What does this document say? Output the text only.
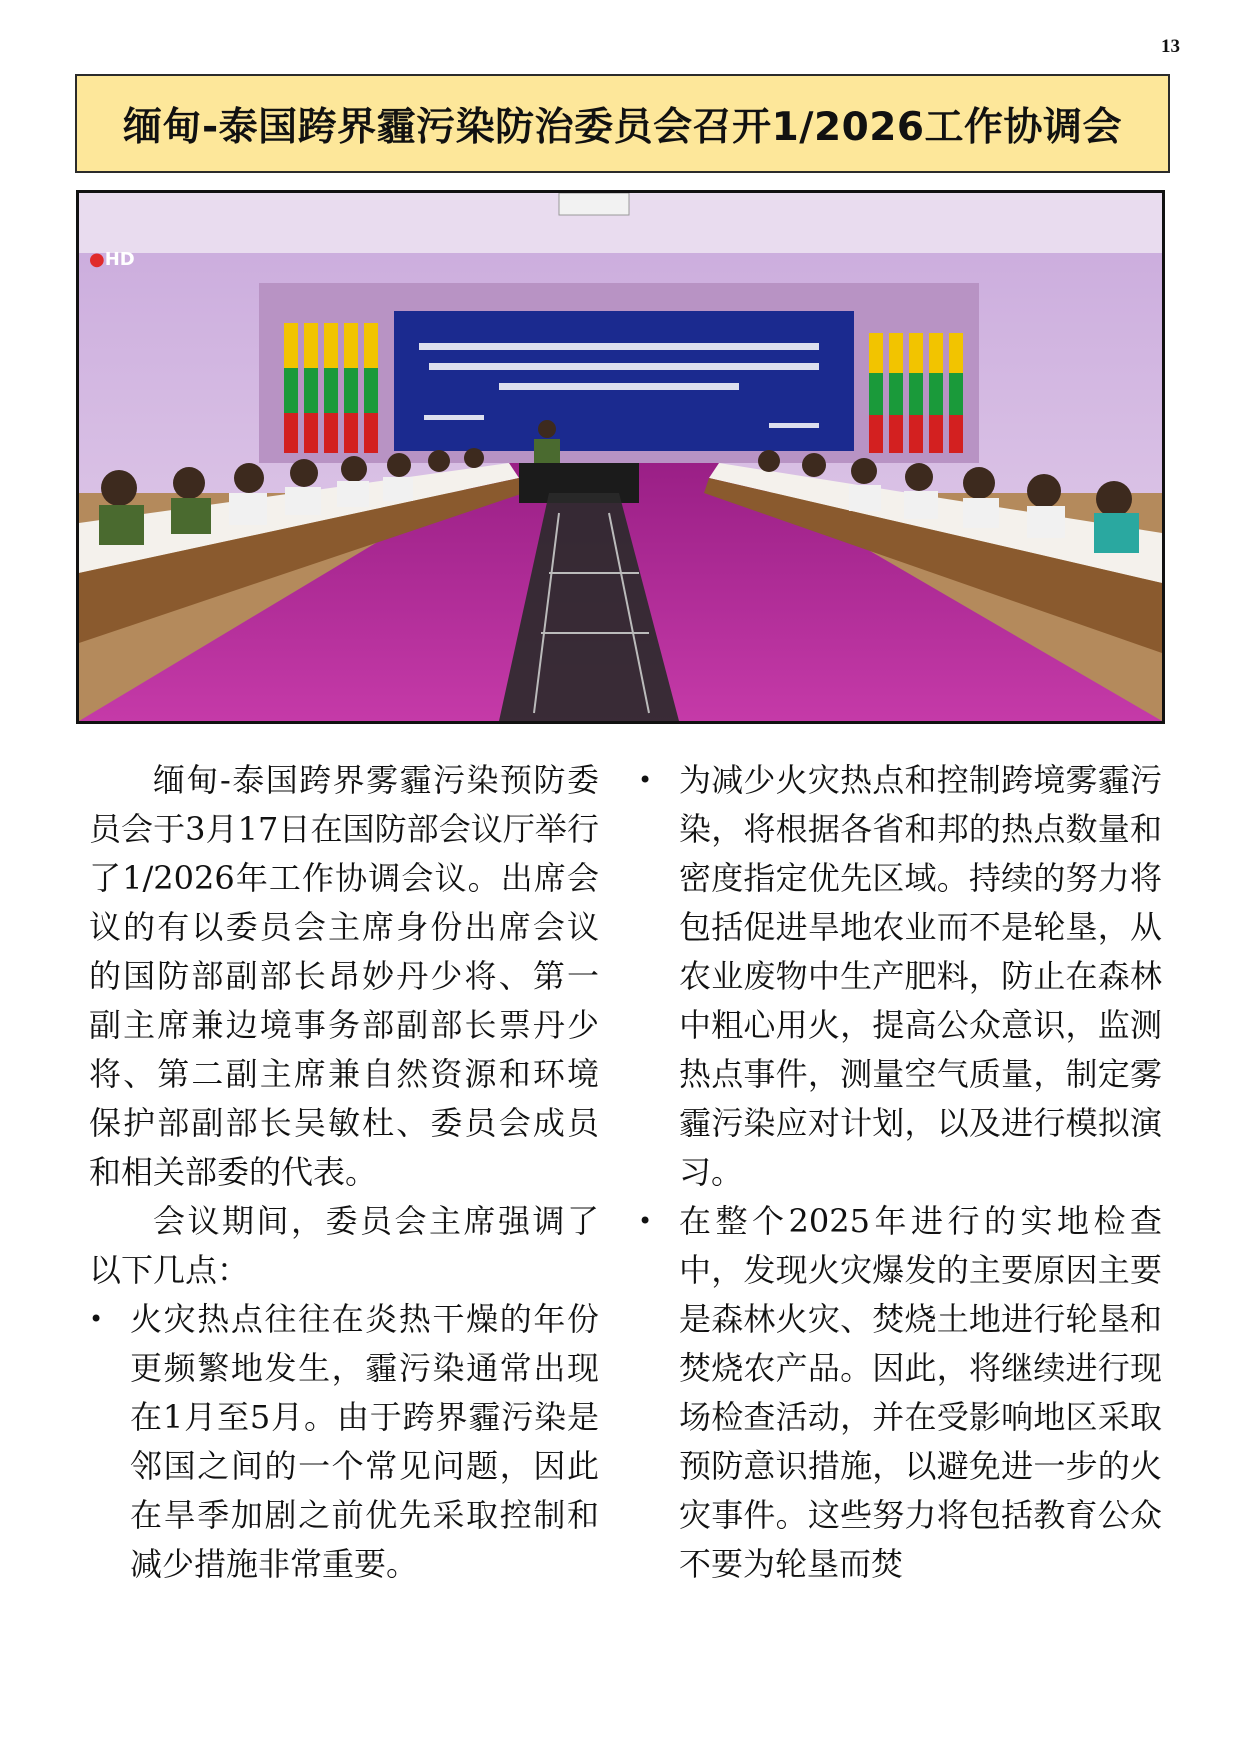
13
缅甸-泰国跨界霾污染防治委员会召开1/2026工作协调会
●HD

缅甸-泰国跨界雾霾污染预防委员会于3月17日在国防部会议厅举行了1/2026年工作协调会议。出席会议的有以委员会主席身份出席会议的国防部副部长昂妙丹少将、第一副主席兼边境事务部副部长票丹少将、第二副主席兼自然资源和环境保护部副部长吴敏杜、委员会成员和相关部委的代表。

会议期间，委员会主席强调了以下几点：

• 火灾热点往往在炎热干燥的年份更频繁地发生，霾污染通常出现在1月至5月。由于跨界霾污染是邻国之间的一个常见问题，因此在旱季加剧之前优先采取控制和减少措施非常重要。
• 为减少火灾热点和控制跨境雾霾污染，将根据各省和邦的热点数量和密度指定优先区域。持续的努力将包括促进旱地农业而不是轮垦，从农业废物中生产肥料，防止在森林中粗心用火，提高公众意识，监测热点事件，测量空气质量，制定雾霾污染应对计划，以及进行模拟演习。
• 在整个2025年进行的实地检查中，发现火灾爆发的主要原因主要是森林火灾、焚烧土地进行轮垦和焚烧农产品。因此，将继续进行现场检查活动，并在受影响地区采取预防意识措施，以避免进一步的火灾事件。这些努力将包括教育公众不要为轮垦而焚
